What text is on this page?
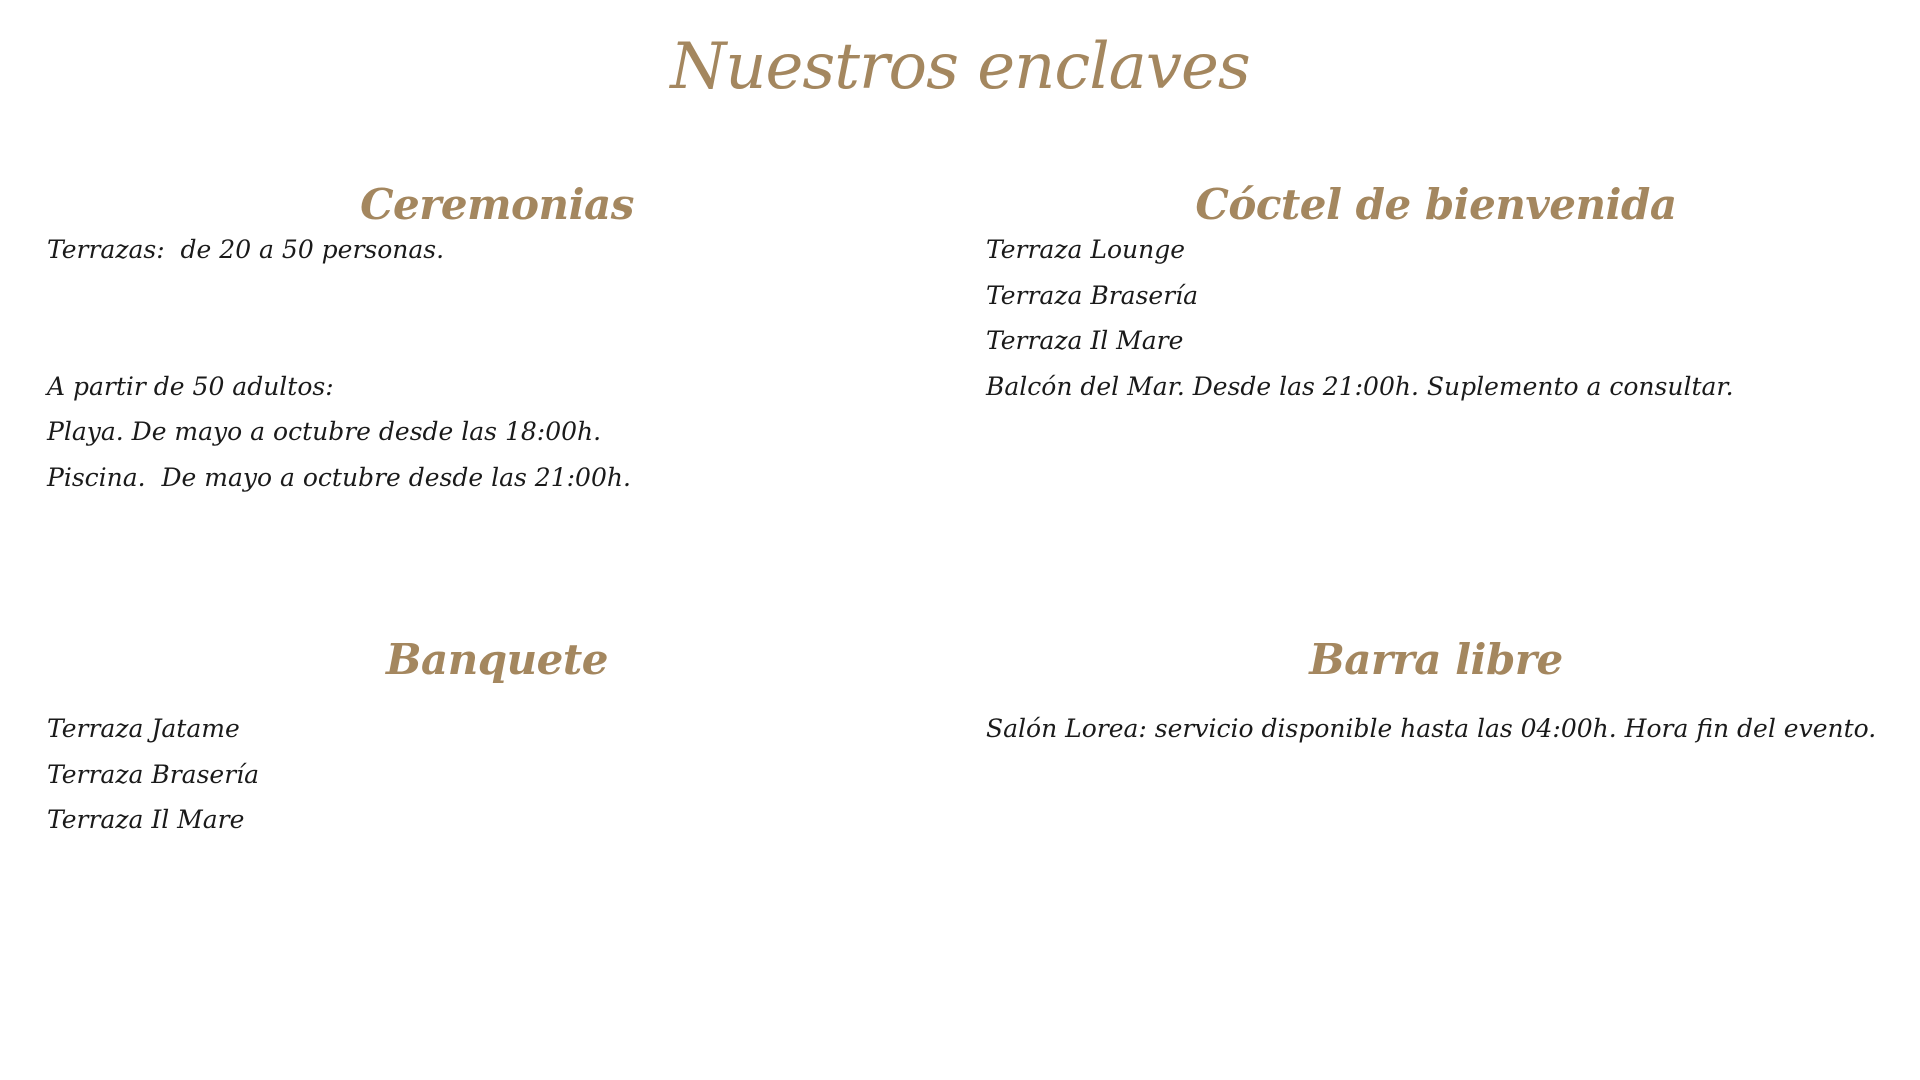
Nuestros enclaves
Ceremonias
Terrazas:  de 20 a 50 personas.
A partir de 50 adultos:
Playa. De mayo a octubre desde las 18:00h.
Piscina.  De mayo a octubre desde las 21:00h.
Cóctel de bienvenida
Terraza Lounge
Terraza Brasería
Terraza Il Mare
Balcón del Mar. Desde las 21:00h. Suplemento a consultar.
Banquete
Terraza Jatame
Terraza Brasería
Terraza Il Mare
Barra libre
Salón Lorea: servicio disponible hasta las 04:00h. Hora fin del evento.
